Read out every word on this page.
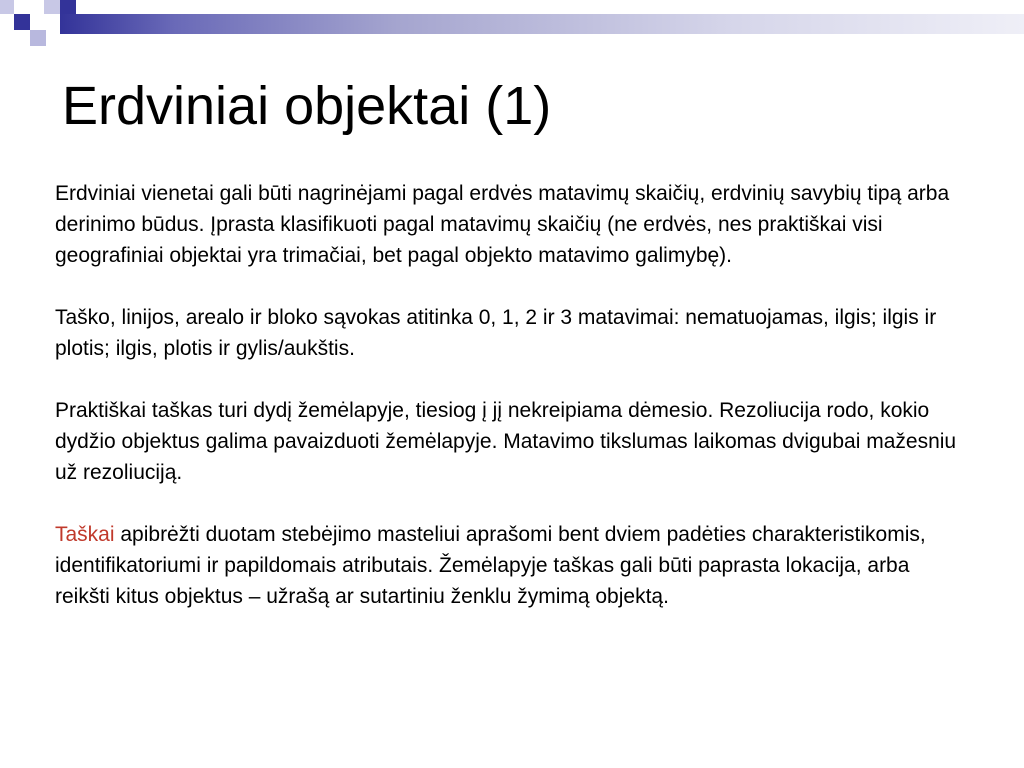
Erdviniai objektai (1)

Erdviniai vienetai gali būti nagrinėjami pagal erdvės matavimų skaičių, erdvinių savybių tipą arba derinimo būdus. Įprasta klasifikuoti pagal matavimų skaičių (ne erdvės, nes praktiškai visi geografiniai objektai yra trimačiai, bet pagal objekto matavimo galimybę).

Taško, linijos, arealo ir bloko sąvokas atitinka 0, 1, 2 ir 3 matavimai: nematuojamas, ilgis; ilgis ir plotis; ilgis, plotis ir gylis/aukštis.

Praktiškai taškas turi dydį žemėlapyje, tiesiog į jį nekreipiama dėmesio. Rezoliucija rodo, kokio dydžio objektus galima pavaizduoti žemėlapyje. Matavimo tikslumas laikomas dvigubai mažesniu už rezoliuciją.

Taškai apibrėžti duotam stebėjimo masteliui aprašomi bent dviem padėties charakteristikomis, identifikatoriumi ir papildomais atributais. Žemėlapyje taškas gali būti paprasta lokacija, arba reikšti kitus objektus – užrašą ar sutartiniu ženklu žymimą objektą.
